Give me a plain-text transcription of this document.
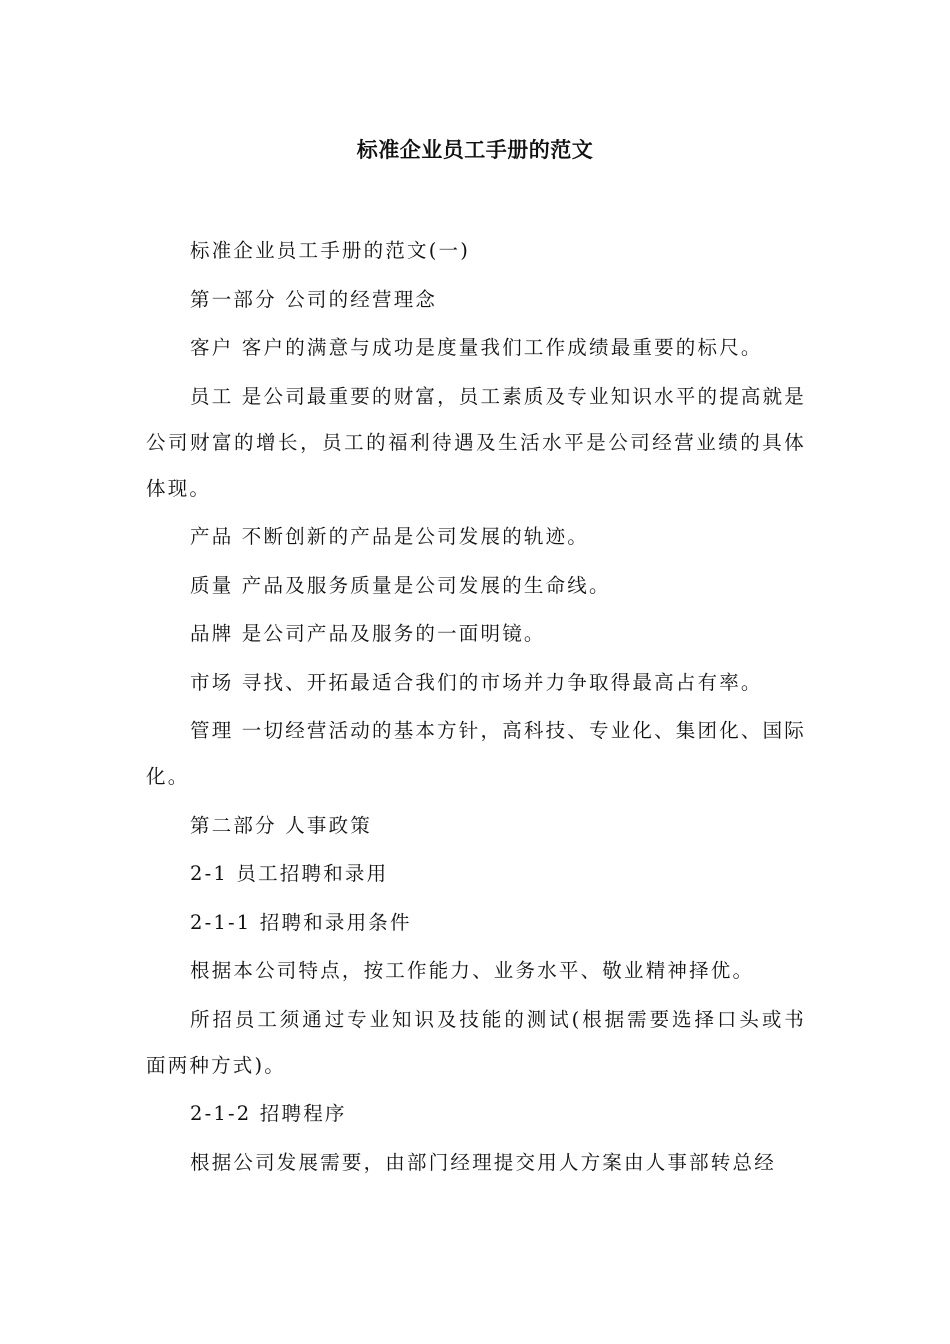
标准企业员工手册的范文

标准企业员工手册的范文(一)

第一部分 公司的经营理念

客户 客户的满意与成功是度量我们工作成绩最重要的标尺。

员工 是公司最重要的财富，员工素质及专业知识水平的提高就是公司财富的增长，员工的福利待遇及生活水平是公司经营业绩的具体体现。

产品 不断创新的产品是公司发展的轨迹。

质量 产品及服务质量是公司发展的生命线。

品牌 是公司产品及服务的一面明镜。

市场 寻找、开拓最适合我们的市场并力争取得最高占有率。

管理 一切经营活动的基本方针，高科技、专业化、集团化、国际化。

第二部分 人事政策

2-1 员工招聘和录用

2-1-1 招聘和录用条件

根据本公司特点，按工作能力、业务水平、敬业精神择优。

所招员工须通过专业知识及技能的测试(根据需要选择口头或书面两种方式)。

2-1-2 招聘程序

根据公司发展需要，由部门经理提交用人方案由人事部转总经
